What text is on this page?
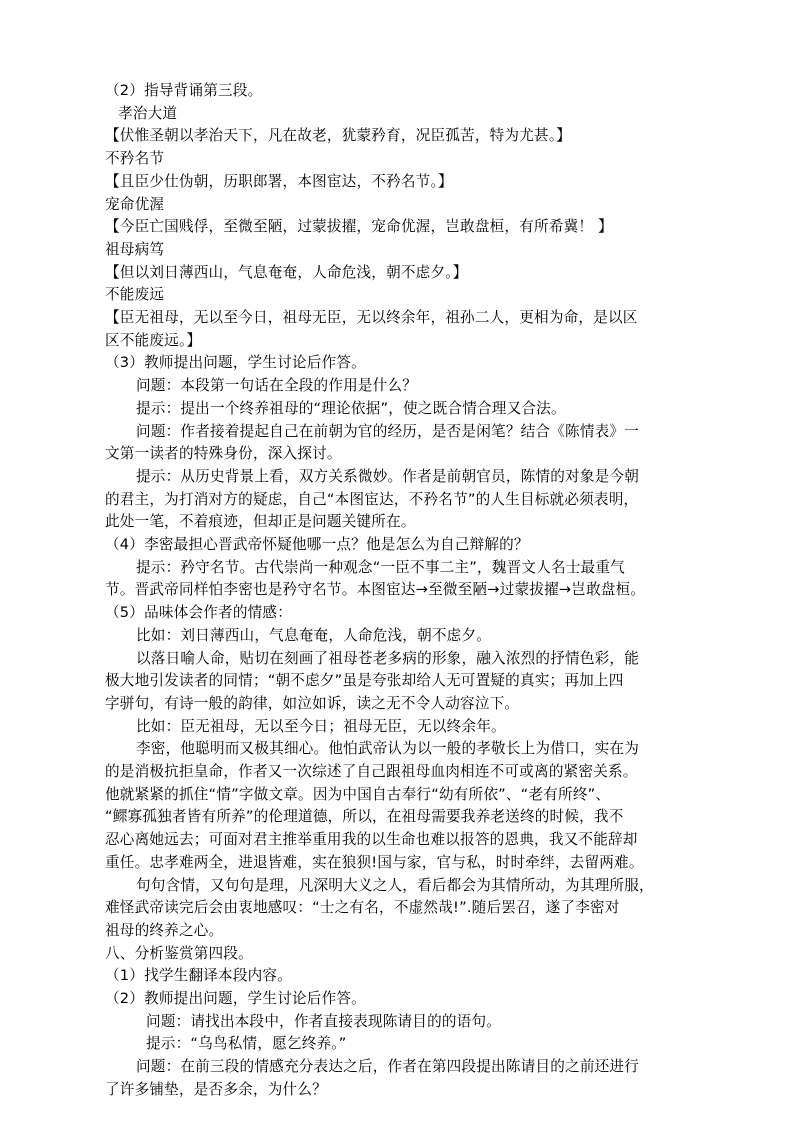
（2）指导背诵第三段。
孝治大道
【伏惟圣朝以孝治天下，凡在故老，犹蒙矜育，况臣孤苦，特为尤甚。】
不矜名节
【且臣少仕伪朝，历职郎署，本图宦达，不矜名节。】
宠命优渥
【今臣亡国贱俘，至微至陋，过蒙拔擢，宠命优渥，岂敢盘桓，有所希冀！ 】
祖母病笃
【但以刘日薄西山，气息奄奄，人命危浅，朝不虑夕。】
不能废远
【臣无祖母，无以至今日，祖母无臣，无以终余年，祖孙二人，更相为命，是以区
区不能废远。】
（3）教师提出问题，学生讨论后作答。
问题：本段第一句话在全段的作用是什么？
提示：提出一个终养祖母的“理论依据”，使之既合情合理又合法。
问题：作者接着提起自己在前朝为官的经历，是否是闲笔？结合《陈情表》一
文第一读者的特殊身份，深入探讨。
提示：从历史背景上看，双方关系微妙。作者是前朝官员，陈情的对象是今朝
的君主，为打消对方的疑虑，自己“本图宦达，不矜名节”的人生目标就必须表明，
此处一笔，不着痕迹，但却正是问题关键所在。
（4）李密最担心晋武帝怀疑他哪一点？他是怎么为自己辩解的？
提示：矜守名节。古代崇尚一种观念“一臣不事二主”，魏晋文人名士最重气
节。晋武帝同样怕李密也是矜守名节。本图宦达→至微至陋→过蒙拔擢→岂敢盘桓。
（5）品味体会作者的情感：
比如：刘日薄西山，气息奄奄，人命危浅，朝不虑夕。
以落日喻人命，贴切在刻画了祖母苍老多病的形象，融入浓烈的抒情色彩，能
极大地引发读者的同情；“朝不虑夕”虽是夸张却给人无可置疑的真实；再加上四
字骈句，有诗一般的韵律，如泣如诉，读之无不令人动容泣下。
比如：臣无祖母，无以至今日；祖母无臣，无以终余年。
李密，他聪明而又极其细心。他怕武帝认为以一般的孝敬长上为借口，实在为
的是消极抗拒皇命，作者又一次综述了自己跟祖母血肉相连不可或离的紧密关系。
他就紧紧的抓住“情”字做文章。因为中国自古奉行“幼有所依”、“老有所终”、
“鳏寡孤独者皆有所养”的伦理道德，所以，在祖母需要我养老送终的时候，我不
忍心离她远去；可面对君主推举重用我的以生命也难以报答的恩典，我又不能辞却
重任。忠孝难两全，进退皆难，实在狼狈!国与家，官与私，时时牵绊，去留两难。
句句含情，又句句是理，凡深明大义之人，看后都会为其情所动，为其理所服，
难怪武帝读完后会由衷地感叹：“士之有名，不虚然哉!”.随后罢召，遂了李密对
祖母的终养之心。
八、分析鉴赏第四段。
（1）找学生翻译本段内容。
（2）教师提出问题，学生讨论后作答。
问题：请找出本段中，作者直接表现陈请目的的语句。
提示：“乌鸟私情，愿乞终养。”
问题：在前三段的情感充分表达之后，作者在第四段提出陈请目的之前还进行
了许多铺垫，是否多余，为什么？
